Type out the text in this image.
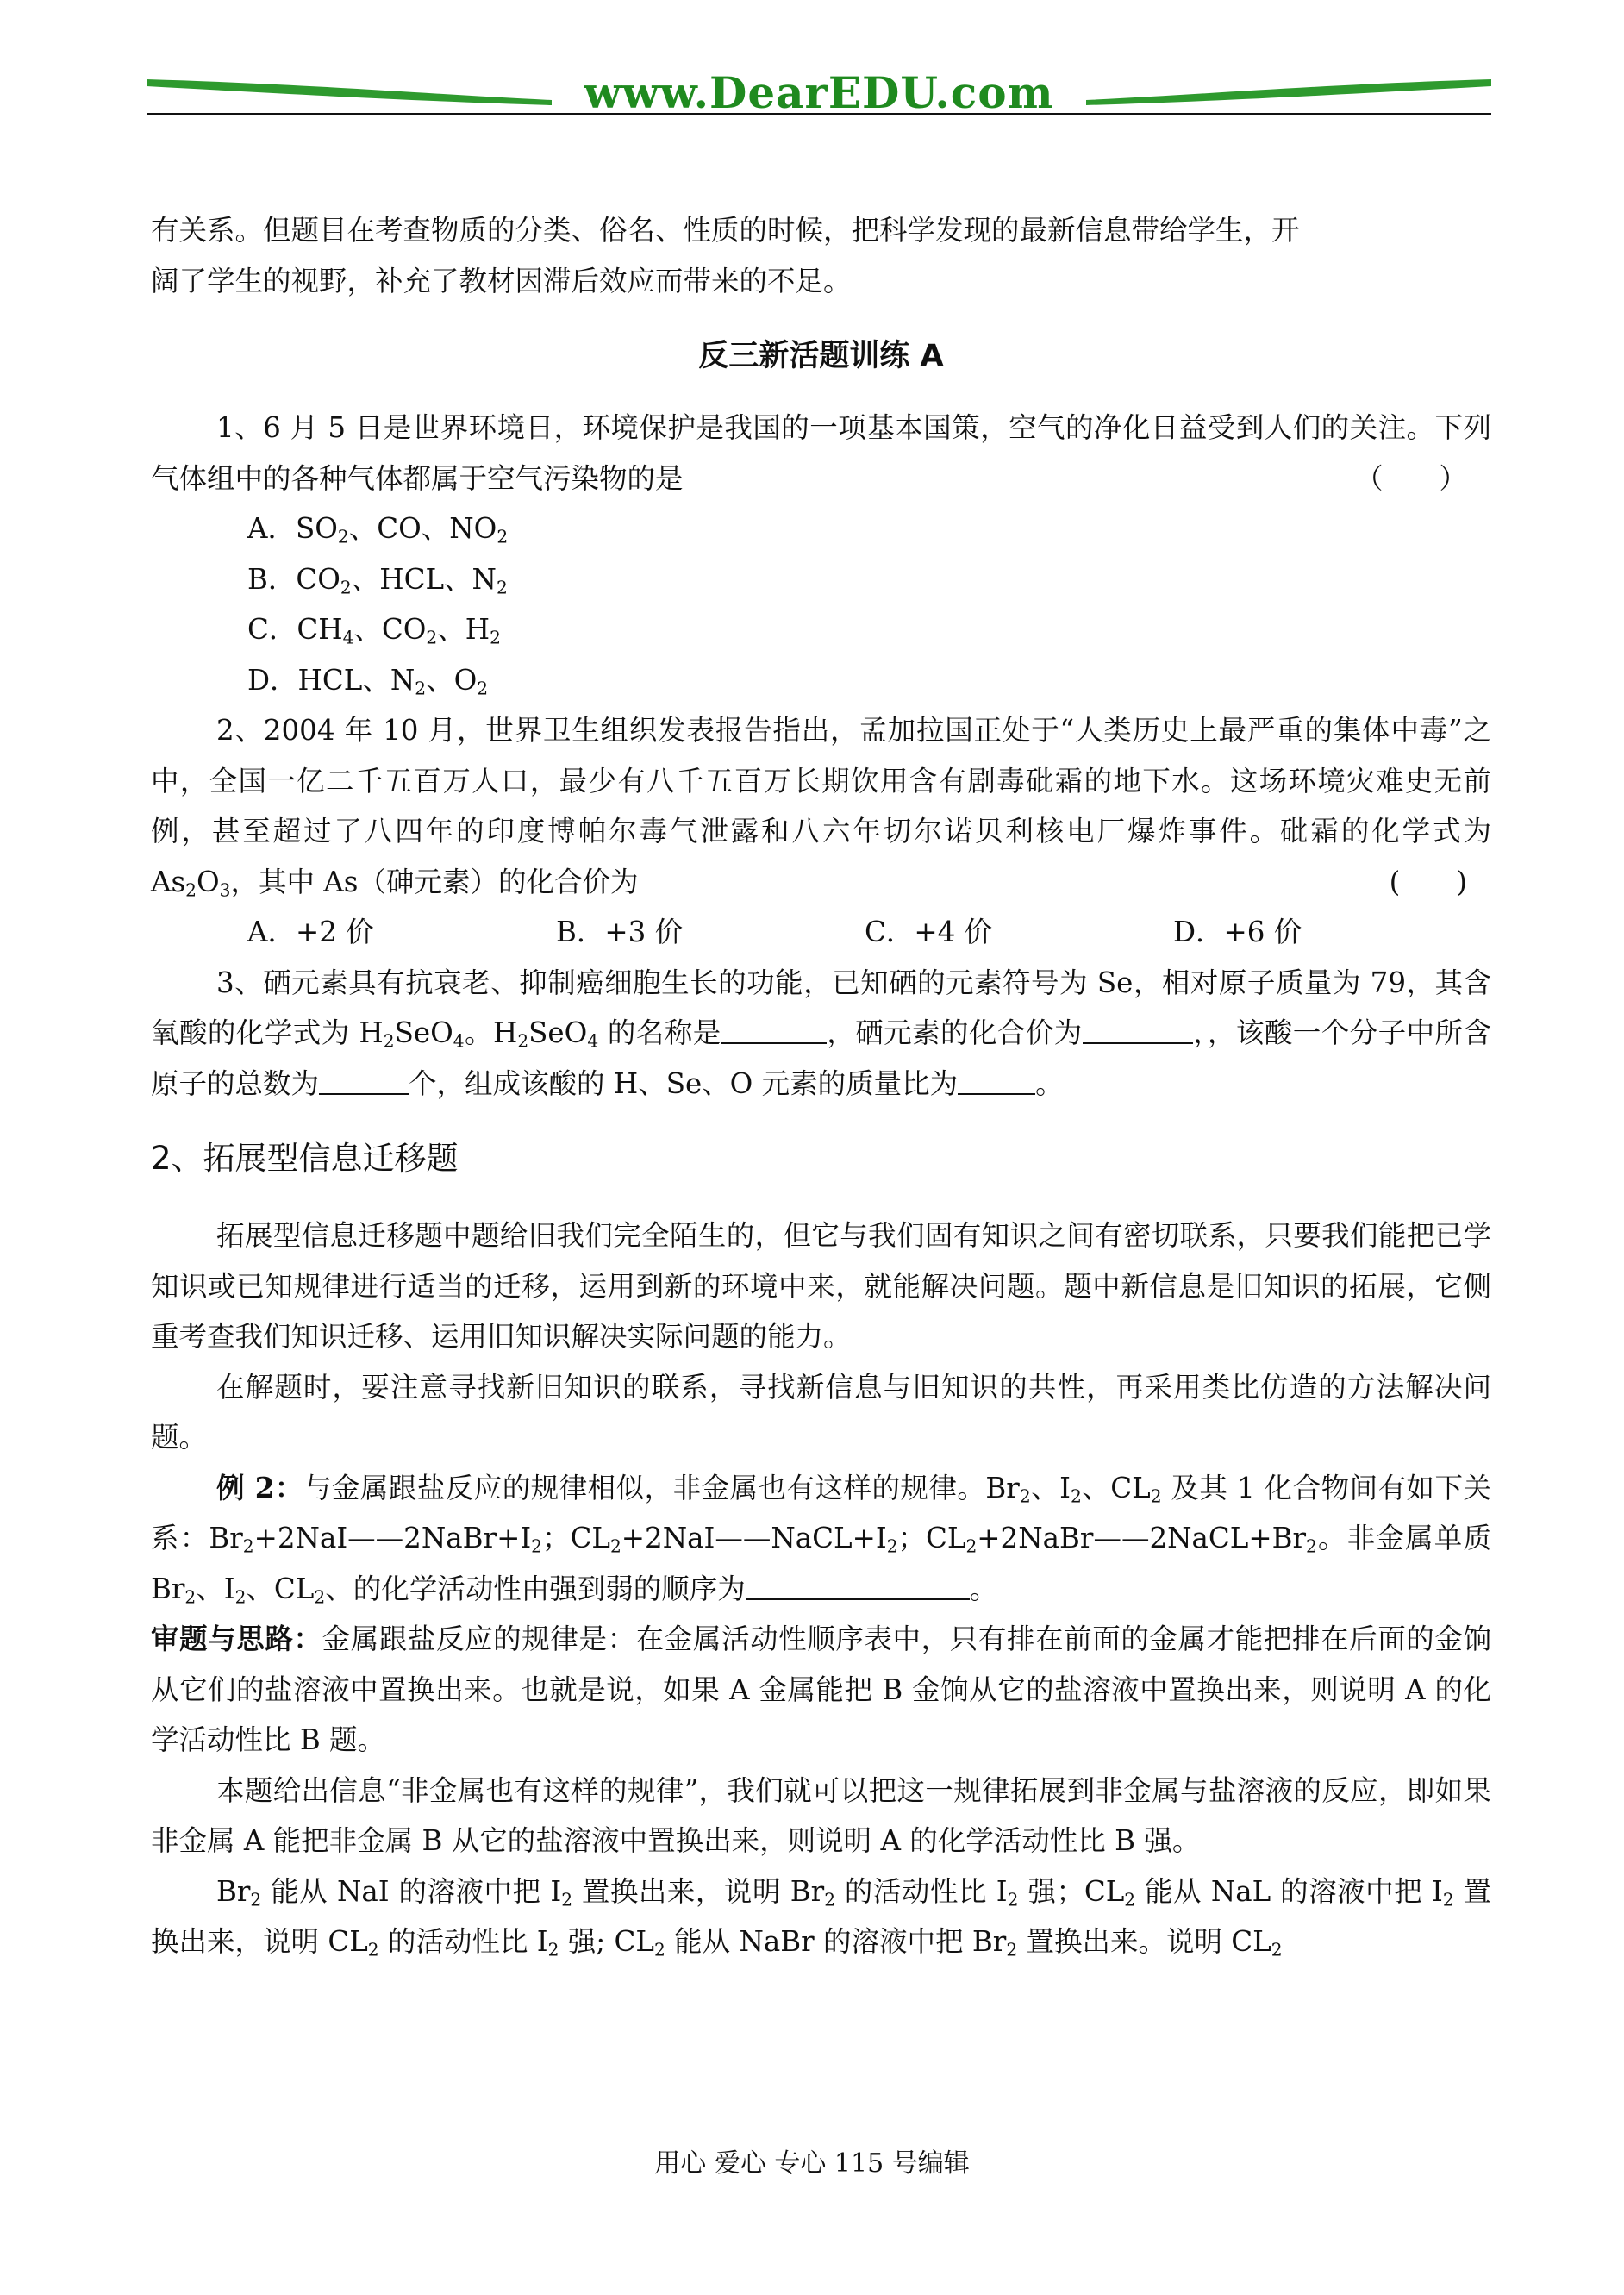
www.DearEDU.com

有关系。但题目在考查物质的分类、俗名、性质的时候，把科学发现的最新信息带给学生，开

阔了学生的视野，补充了教材因滞后效应而带来的不足。

反三新活题训练 A

1、6 月 5 日是世界环境日，环境保护是我国的一项基本国策，空气的净化日益受到人们的关注。下列气体组中的各种气体都属于空气污染物的是	（　　）

A．$SO_2$、CO、$NO_2$

B．$CO_2$、HCL、$N_2$

C．$CH_4$、$CO_2$、$H_2$

D．HCL、$N_2$、$O_2$

2、2004 年 10 月，世界卫生组织发表报告指出，孟加拉国正处于“人类历史上最严重的集体中毒”之中，全国一亿二千五百万人口，最少有八千五百万长期饮用含有剧毒砒霜的地下水。这场环境灾难史无前例，甚至超过了八四年的印度博帕尔毒气泄露和八六年切尔诺贝利核电厂爆炸事件。砒霜的化学式为 $As_2O_3$，其中 As（砷元素）的化合价为	(　　)

A．+2 价	B．+3 价	C．+4 价	D．+6 价

3、硒元素具有抗衰老、抑制癌细胞生长的功能，已知硒的元素符号为 Se，相对原子质量为 79，其含氧酸的化学式为 $H_2SeO_4$。$H_2SeO_4$ 的名称是	，硒元素的化合价为	，，该酸一个分子中所含原子的总数为	个，组成该酸的 H、Se、O 元素的质量比为	。

2、拓展型信息迁移题

拓展型信息迁移题中题给旧我们完全陌生的，但它与我们固有知识之间有密切联系，只要我们能把已学知识或已知规律进行适当的迁移，运用到新的环境中来，就能解决问题。题中新信息是旧知识的拓展，它侧重考查我们知识迁移、运用旧知识解决实际问题的能力。

在解题时，要注意寻找新旧知识的联系，寻找新信息与旧知识的共性，再采用类比仿造的方法解决问题。

例 2：与金属跟盐反应的规律相似，非金属也有这样的规律。$Br_2$、$I_2$、$CL_2$ 及其 1 化合物间有如下关系：$Br_2+2NaI——2NaBr+I_2$；$CL_2+2NaI——NaCL+I_2$；$CL_2+2NaBr——2NaCL+Br_2$。非金属单质 $Br_2$、$I_2$、$CL_2$、的化学活动性由强到弱的顺序为	。

审题与思路：金属跟盐反应的规律是：在金属活动性顺序表中，只有排在前面的金属才能把排在后面的金饷从它们的盐溶液中置换出来。也就是说，如果 A 金属能把 B 金饷从它的盐溶液中置换出来，则说明 A 的化学活动性比 B 题。

本题给出信息“非金属也有这样的规律”，我们就可以把这一规律拓展到非金属与盐溶液的反应，即如果非金属 A 能把非金属 B 从它的盐溶液中置换出来，则说明 A 的化学活动性比 B 强。

$Br_2$ 能从 NaI 的溶液中把 $I_2$ 置换出来，说明 $Br_2$ 的活动性比 $I_2$ 强；$CL_2$ 能从 NaL 的溶液中把 $I_2$ 置换出来，说明 $CL_2$ 的活动性比 $I_2$ 强; $CL_2$ 能从 NaBr 的溶液中把 $Br_2$ 置换出来。说明 $CL_2$

用心 爱心 专心 115 号编辑
